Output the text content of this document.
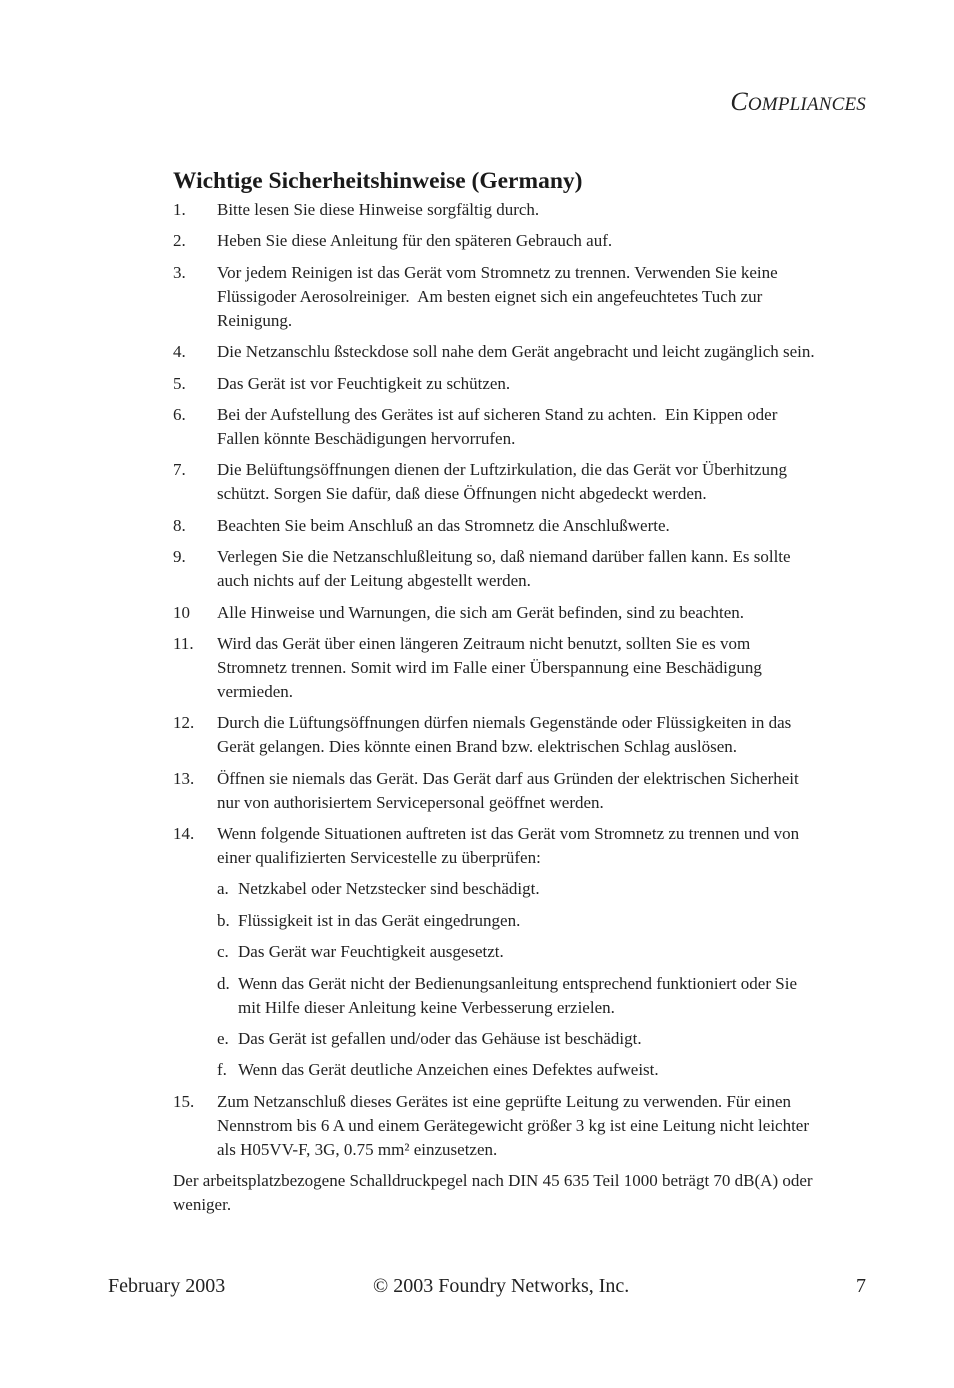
COMPLIANCES
Wichtige Sicherheitshinweise (Germany)
1.	Bitte lesen Sie diese Hinweise sorgfältig durch.
2.	Heben Sie diese Anleitung für den späteren Gebrauch auf.
3.	Vor jedem Reinigen ist das Gerät vom Stromnetz zu trennen. Verwenden Sie keine
Flüssigoder Aerosolreiniger.  Am besten eignet sich ein angefeuchtetes Tuch zur
Reinigung.
4.	Die Netzanschlu ßsteckdose soll nahe dem Gerät angebracht und leicht zugänglich sein.
5.	Das Gerät ist vor Feuchtigkeit zu schützen.
6.	Bei der Aufstellung des Gerätes ist auf sicheren Stand zu achten.  Ein Kippen oder
Fallen könnte Beschädigungen hervorrufen.
7.	Die Belüftungsöffnungen dienen der Luftzirkulation, die das Gerät vor Überhitzung
schützt. Sorgen Sie dafür, daß diese Öffnungen nicht abgedeckt werden.
8.	Beachten Sie beim Anschluß an das Stromnetz die Anschlußwerte.
9.	Verlegen Sie die Netzanschlußleitung so, daß niemand darüber fallen kann. Es sollte
auch nichts auf der Leitung abgestellt werden.
10	Alle Hinweise und Warnungen, die sich am Gerät befinden, sind zu beachten.
11.	Wird das Gerät über einen längeren Zeitraum nicht benutzt, sollten Sie es vom
Stromnetz trennen. Somit wird im Falle einer Überspannung eine Beschädigung
vermieden.
12.	Durch die Lüftungsöffnungen dürfen niemals Gegenstände oder Flüssigkeiten in das
Gerät gelangen. Dies könnte einen Brand bzw. elektrischen Schlag auslösen.
13.	Öffnen sie niemals das Gerät. Das Gerät darf aus Gründen der elektrischen Sicherheit
nur von authorisiertem Servicepersonal geöffnet werden.
14.	Wenn folgende Situationen auftreten ist das Gerät vom Stromnetz zu trennen und von
einer qualifizierten Servicestelle zu überprüfen:
a. Netzkabel oder Netzstecker sind beschädigt.
b. Flüssigkeit ist in das Gerät eingedrungen.
c. Das Gerät war Feuchtigkeit ausgesetzt.
d. Wenn das Gerät nicht der Bedienungsanleitung entsprechend funktioniert oder Sie
mit Hilfe dieser Anleitung keine Verbesserung erzielen.
e. Das Gerät ist gefallen und/oder das Gehäuse ist beschädigt.
f. Wenn das Gerät deutliche Anzeichen eines Defektes aufweist.
15.	Zum Netzanschluß dieses Gerätes ist eine geprüfte Leitung zu verwenden. Für einen
Nennstrom bis 6 A und einem Gerätegewicht größer 3 kg ist eine Leitung nicht leichter
als H05VV-F, 3G, 0.75 mm² einzusetzen.
Der arbeitsplatzbezogene Schalldruckpegel nach DIN 45 635 Teil 1000 beträgt 70 dB(A) oder
weniger.
February 2003	© 2003 Foundry Networks, Inc.	7
